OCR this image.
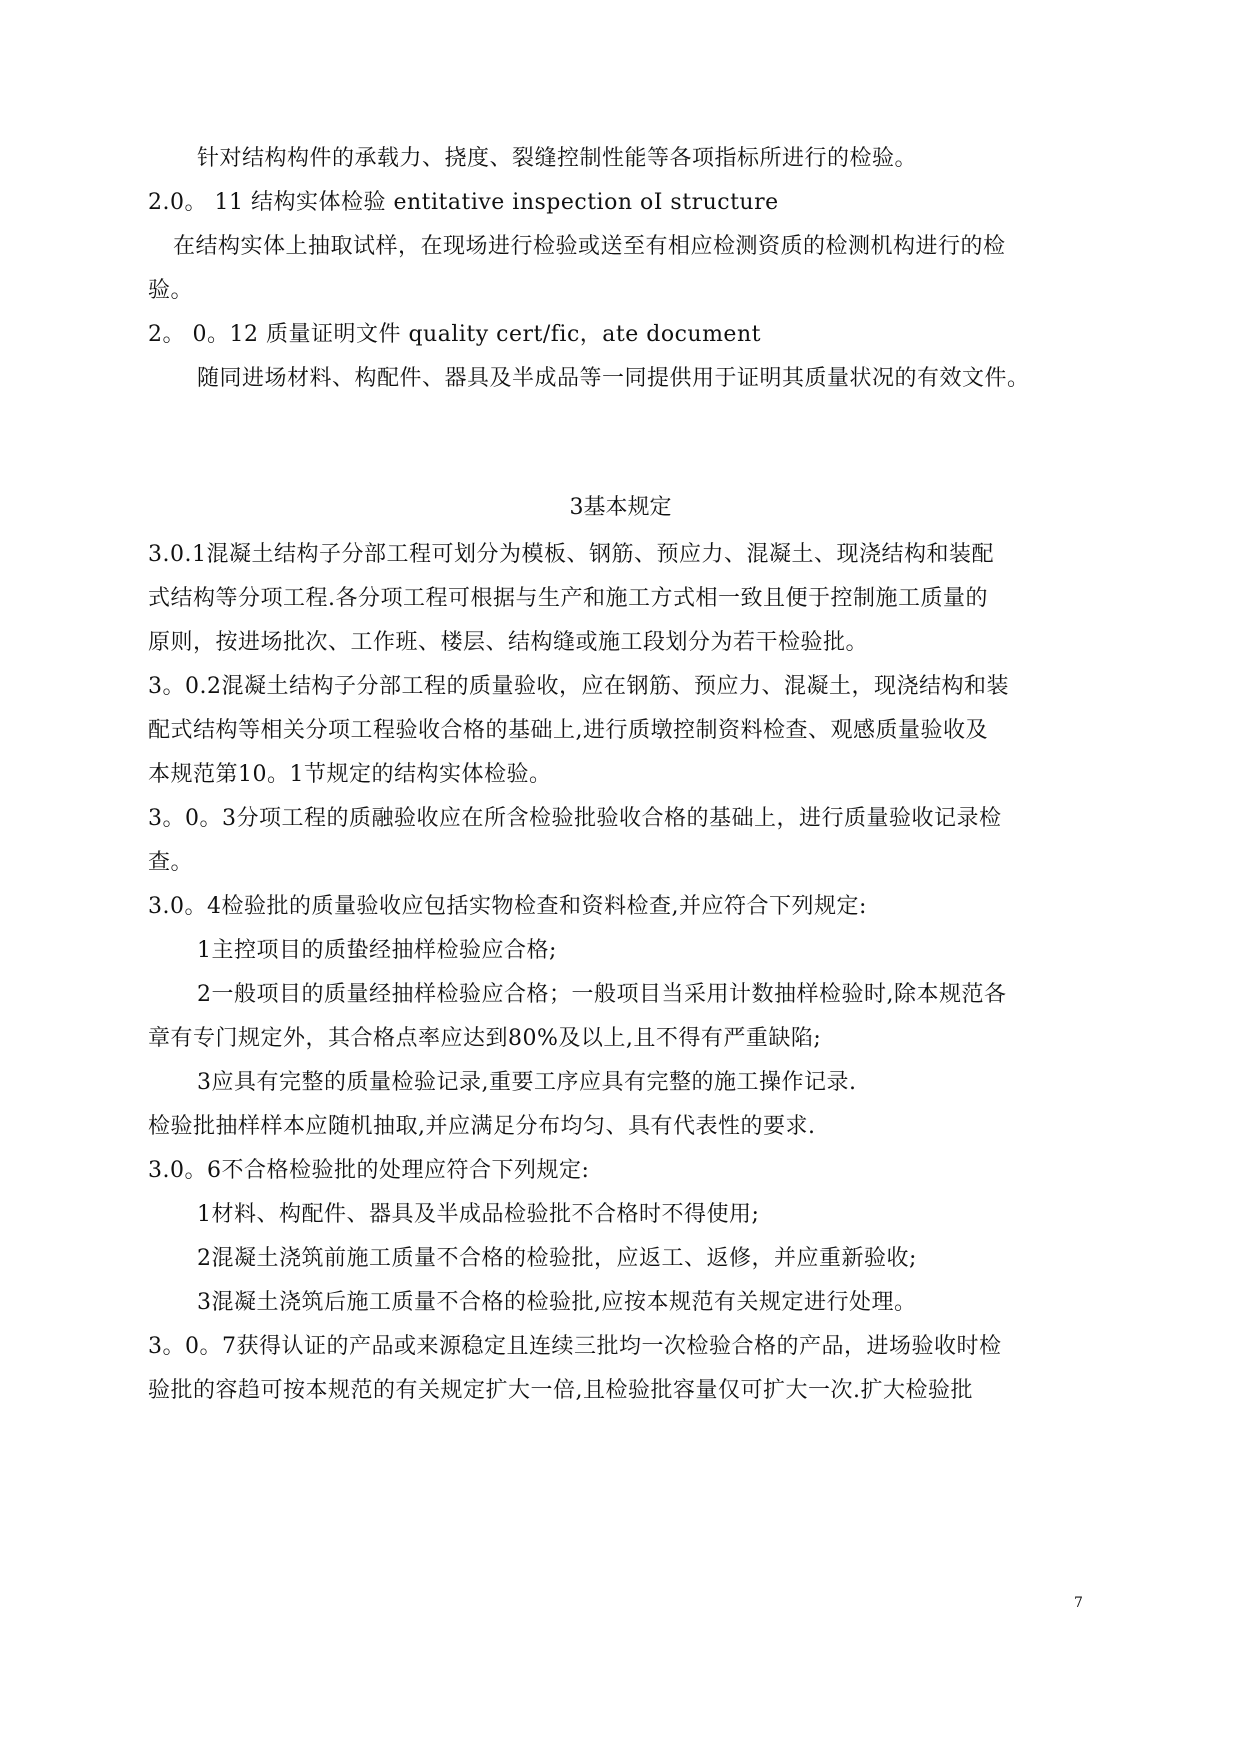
针对结构构件的承载力、挠度、裂缝控制性能等各项指标所进行的检验。
2.0。 11 结构实体检验 entitative inspection oI structure
在结构实体上抽取试样，在现场进行检验或送至有相应检测资质的检测机构进行的检
验。
2。 0。12 质量证明文件 quality cert/fic，ate document
随同进场材料、构配件、器具及半成品等一同提供用于证明其质量状况的有效文件。
3基本规定
3.0.1混凝土结构子分部工程可划分为模板、钢筋、预应力、混凝土、现浇结构和装配
式结构等分项工程.各分项工程可根据与生产和施工方式相一致且便于控制施工质量的
原则，按进场批次、工作班、楼层、结构缝或施工段划分为若干检验批。
3。0.2混凝土结构子分部工程的质量验收，应在钢筋、预应力、混凝土，现浇结构和装
配式结构等相关分项工程验收合格的基础上,进行质墩控制资料检查、观感质量验收及
本规范第10。1节规定的结构实体检验。
3。0。3分项工程的质融验收应在所含检验批验收合格的基础上，进行质量验收记录检
查。
3.0。4检验批的质量验收应包括实物检查和资料检查,并应符合下列规定:
1主控项目的质蛰经抽样检验应合格;
2一般项目的质量经抽样检验应合格；一般项目当采用计数抽样检验时,除本规范各
章有专门规定外，其合格点率应达到80%及以上,且不得有严重缺陷;
3应具有完整的质量检验记录,重要工序应具有完整的施工操作记录.
检验批抽样样本应随机抽取,并应满足分布均匀、具有代表性的要求.
3.0。6不合格检验批的处理应符合下列规定:
1材料、构配件、器具及半成品检验批不合格时不得使用;
2混凝土浇筑前施工质量不合格的检验批，应返工、返修，并应重新验收;
3混凝土浇筑后施工质量不合格的检验批,应按本规范有关规定进行处理。
3。0。7获得认证的产品或来源稳定且连续三批均一次检验合格的产品，进场验收时检
验批的容趋可按本规范的有关规定扩大一倍,且检验批容量仅可扩大一次.扩大检验批
7
